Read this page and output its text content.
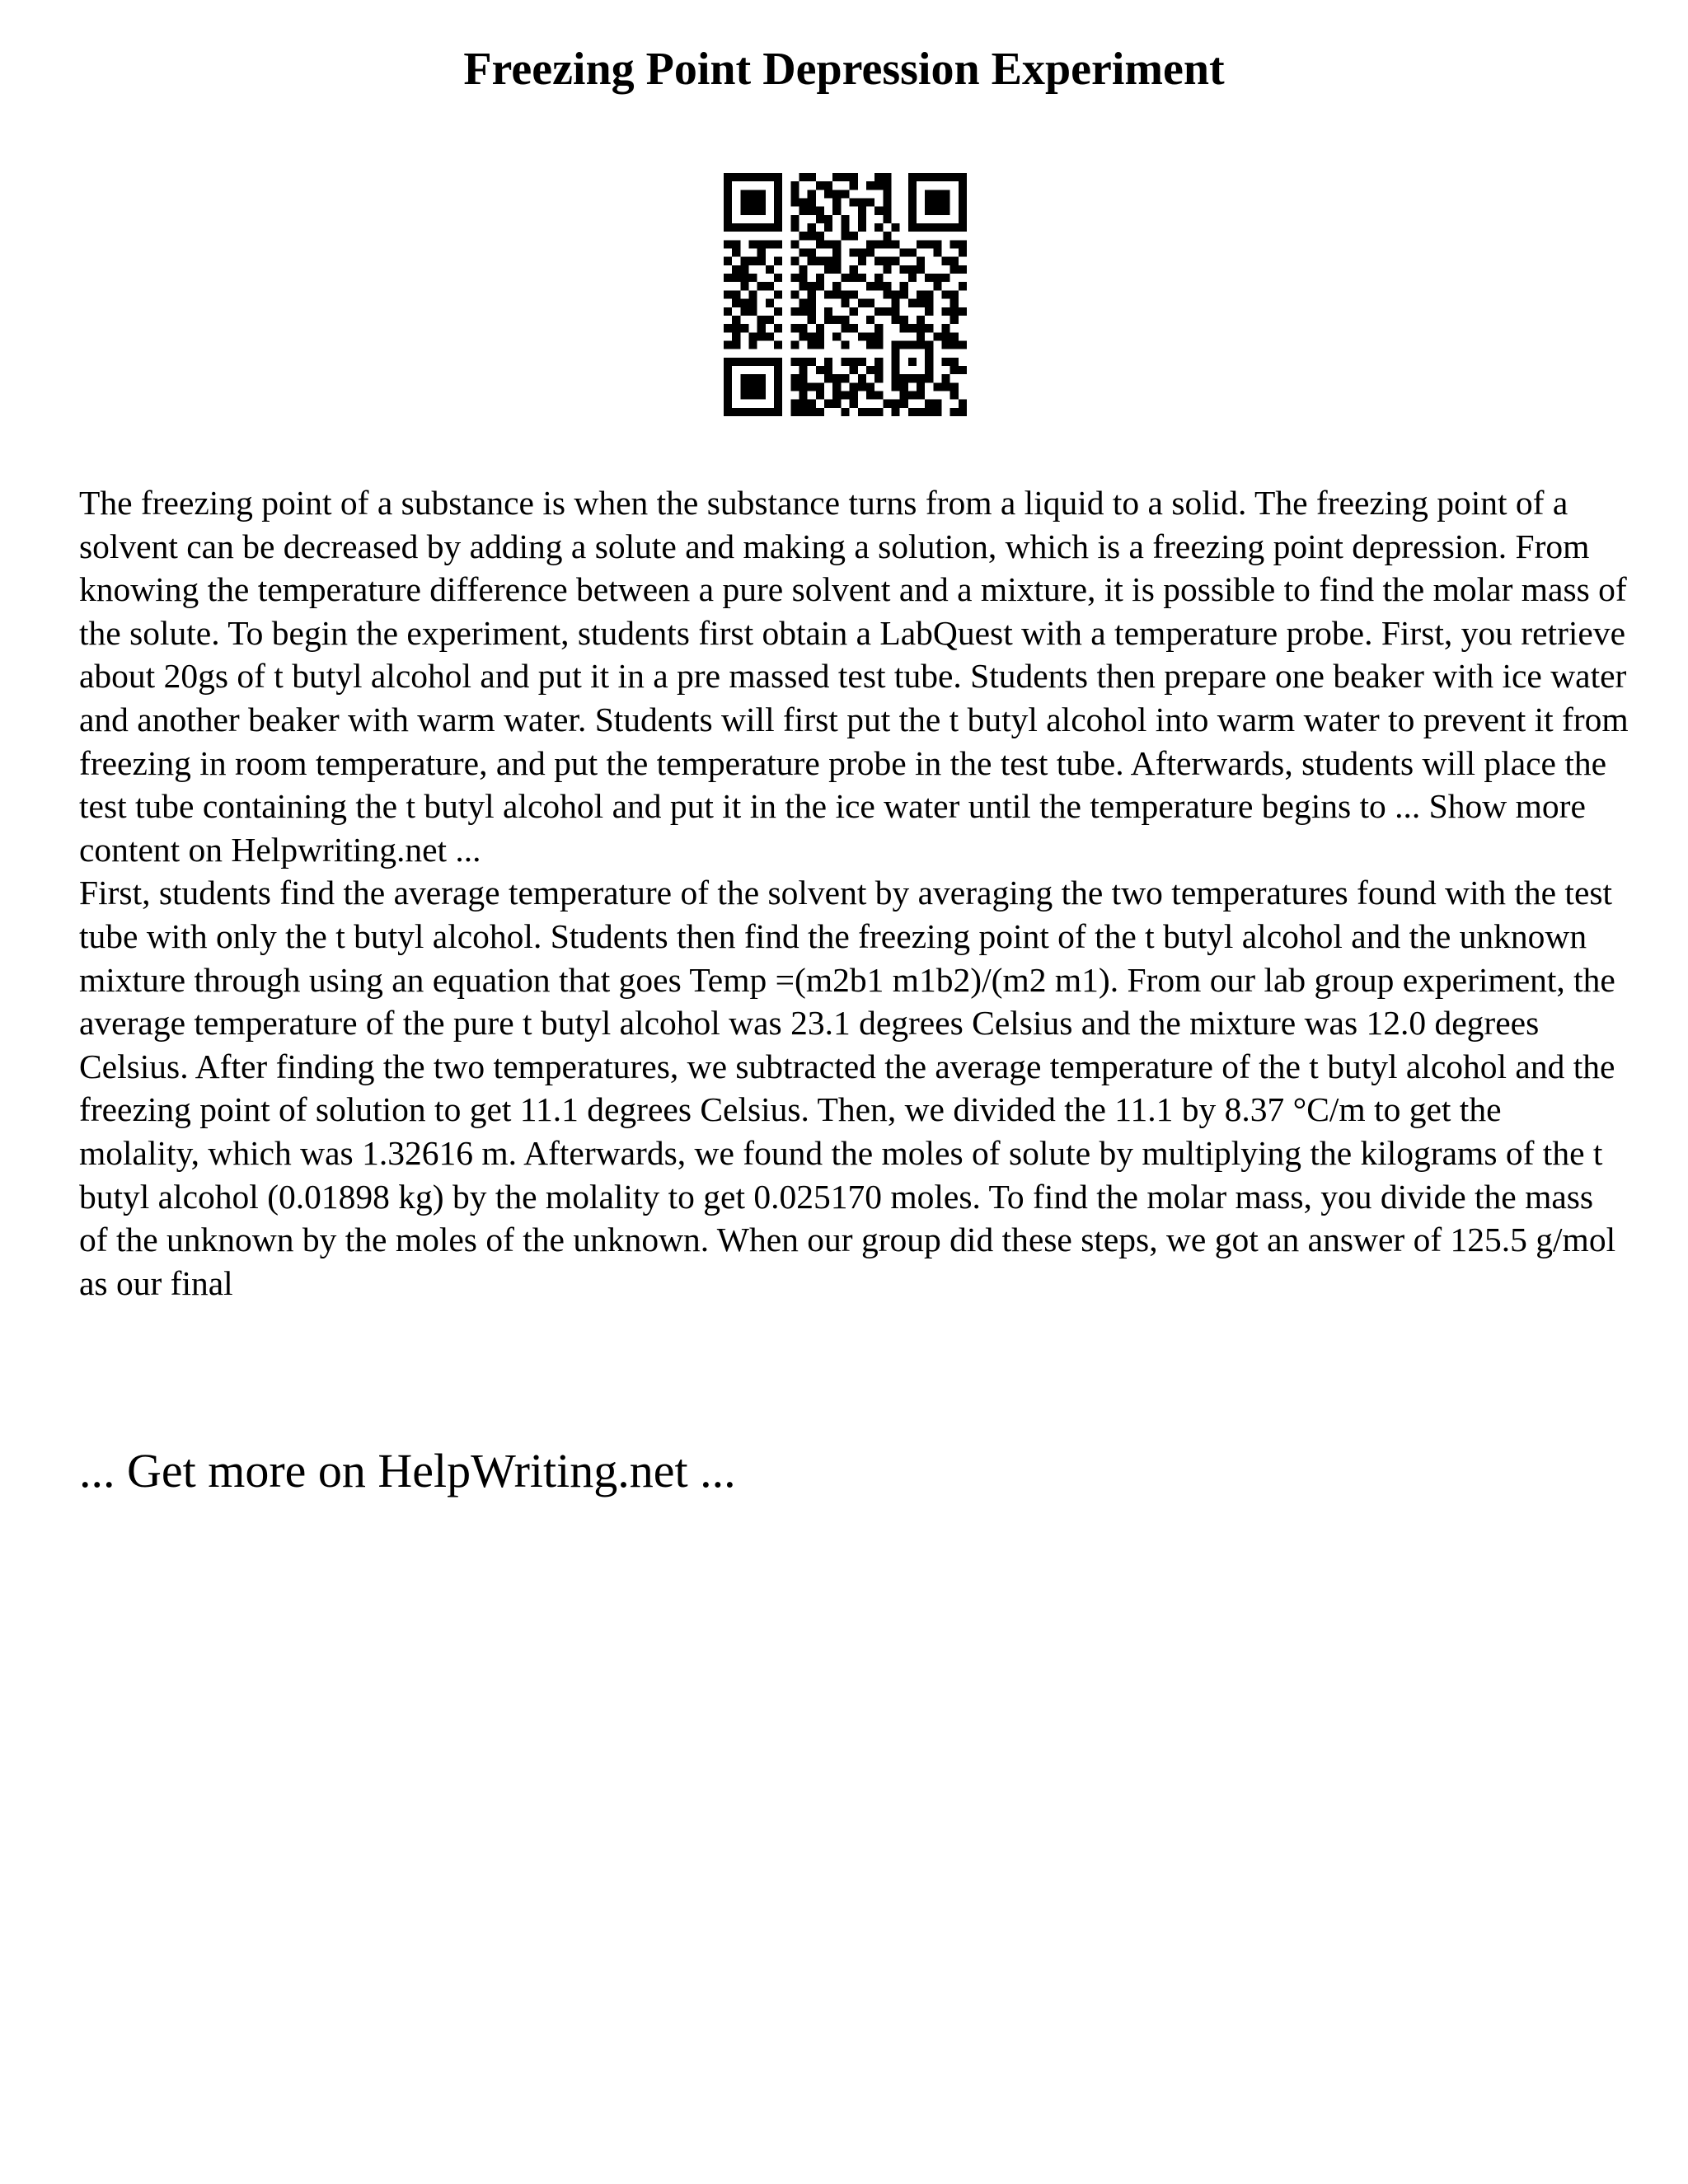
Freezing Point Depression Experiment

The freezing point of a substance is when the substance turns from a liquid to a solid. The freezing point of a solvent can be decreased by adding a solute and making a solution, which is a freezing point depression. From knowing the temperature difference between a pure solvent and a mixture, it is possible to find the molar mass of the solute. To begin the experiment, students first obtain a LabQuest with a temperature probe. First, you retrieve about 20gs of t butyl alcohol and put it in a pre massed test tube. Students then prepare one beaker with ice water and another beaker with warm water. Students will first put the t butyl alcohol into warm water to prevent it from freezing in room temperature, and put the temperature probe in the test tube. Afterwards, students will place the test tube containing the t butyl alcohol and put it in the ice water until the temperature begins to ... Show more content on Helpwriting.net ...

First, students find the average temperature of the solvent by averaging the two temperatures found with the test tube with only the t butyl alcohol. Students then find the freezing point of the t butyl alcohol and the unknown mixture through using an equation that goes Temp =(m2b1 m1b2)/(m2 m1). From our lab group experiment, the average temperature of the pure t butyl alcohol was 23.1 degrees Celsius and the mixture was 12.0 degrees Celsius. After finding the two temperatures, we subtracted the average temperature of the t butyl alcohol and the freezing point of solution to get 11.1 degrees Celsius. Then, we divided the 11.1 by 8.37 °C/m to get the molality, which was 1.32616 m. Afterwards, we found the moles of solute by multiplying the kilograms of the t butyl alcohol (0.01898 kg) by the molality to get 0.025170 moles. To find the molar mass, you divide the mass of the unknown by the moles of the unknown. When our group did these steps, we got an answer of 125.5 g/mol as our final

... Get more on HelpWriting.net ...
